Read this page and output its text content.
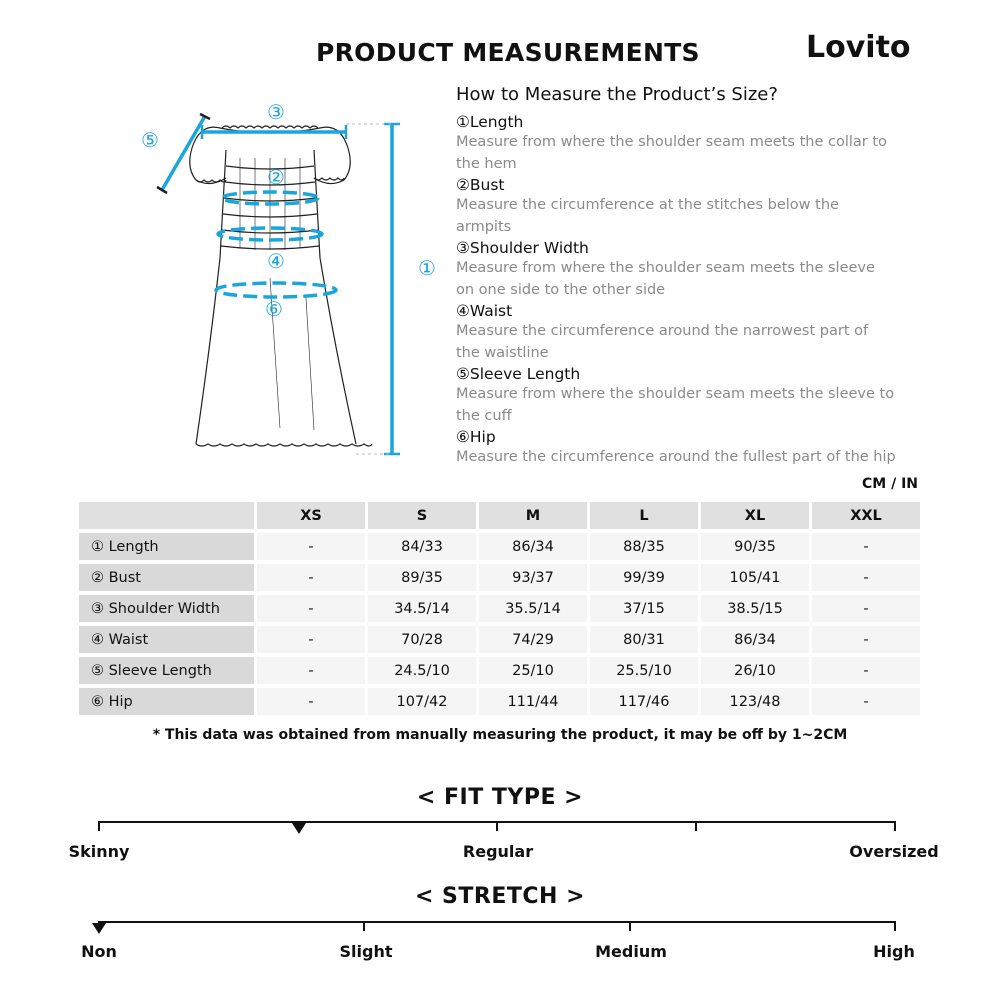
PRODUCT MEASUREMENTS	Lovito
③
②
④
⑥
⑤
①
How to Measure the Product’s Size?
①Length
Measure from where the shoulder seam meets the collar to the hem
②Bust
Measure the circumference at the stitches below the armpits
③Shoulder Width
Measure from where the shoulder seam meets the sleeve on one side to the other side
④Waist
Measure the circumference around the narrowest part of the waistline
⑤Sleeve Length
Measure from where the shoulder seam meets the sleeve to the cuff
⑥Hip
Measure the circumference around the fullest part of the hip
CM / IN
	XS	S	M	L	XL	XXL
① Length	-	84/33	86/34	88/35	90/35	-
② Bust	-	89/35	93/37	99/39	105/41	-
③ Shoulder Width	-	34.5/14	35.5/14	37/15	38.5/15	-
④ Waist	-	70/28	74/29	80/31	86/34	-
⑤ Sleeve Length	-	24.5/10	25/10	25.5/10	26/10	-
⑥ Hip	-	107/42	111/44	117/46	123/48	-
* This data was obtained from manually measuring the product, it may be off by 1~2CM
< FIT TYPE >
Skinny	Regular	Oversized
< STRETCH >
Non	Slight	Medium	High
